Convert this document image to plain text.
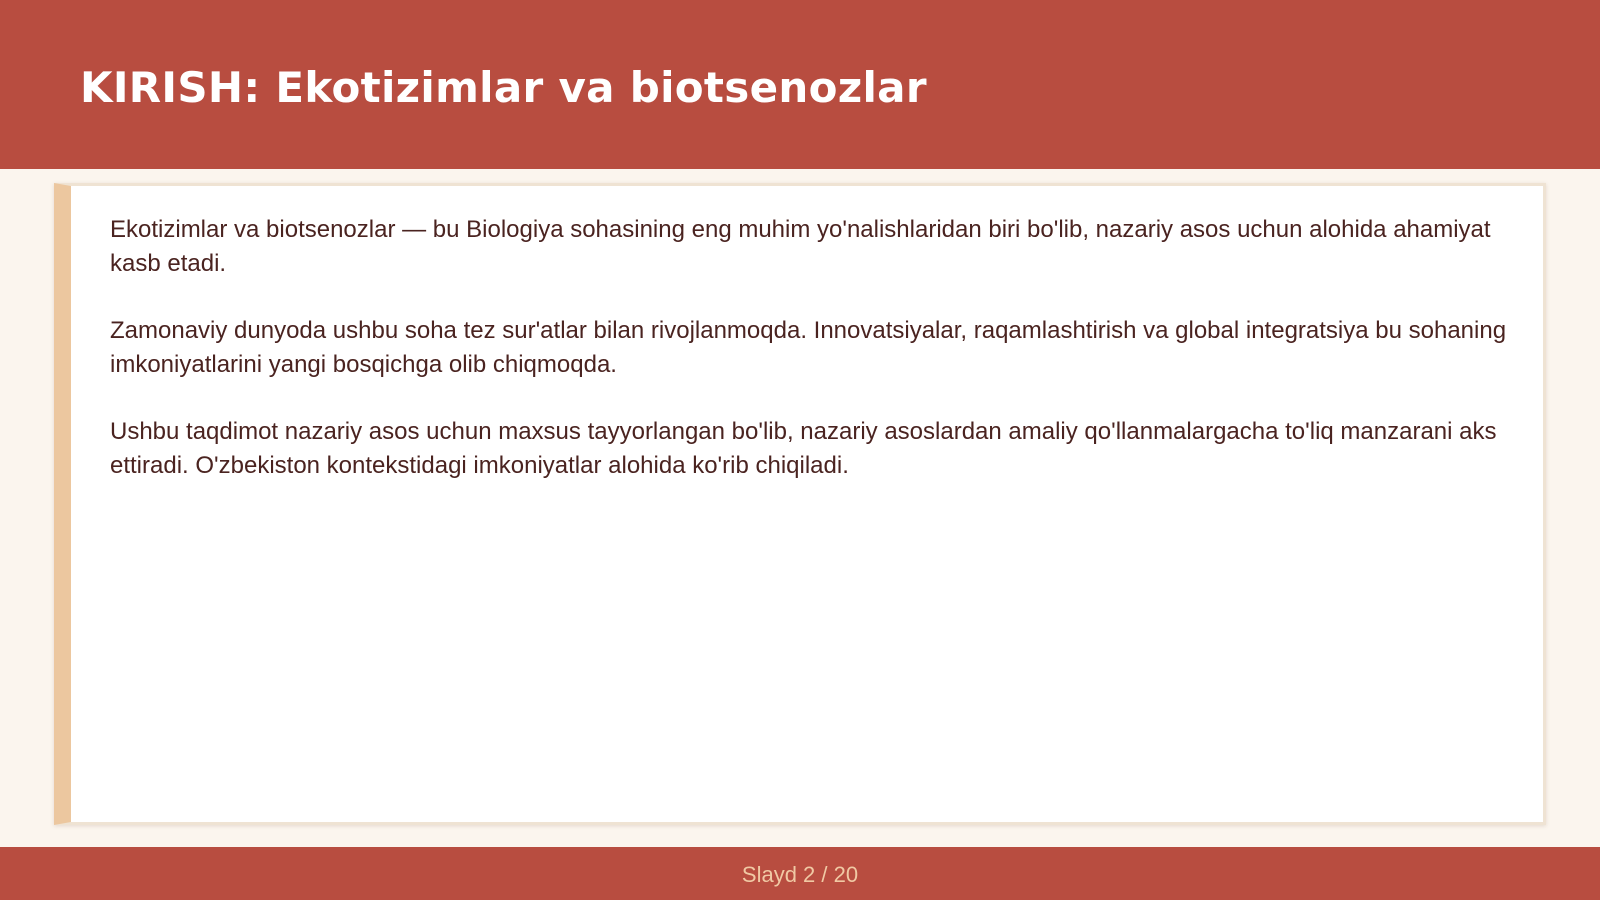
KIRISH: Ekotizimlar va biotsenozlar

Ekotizimlar va biotsenozlar — bu Biologiya sohasining eng muhim yo'nalishlaridan biri bo'lib, nazariy asos uchun alohida ahamiyat kasb etadi.

Zamonaviy dunyoda ushbu soha tez sur'atlar bilan rivojlanmoqda. Innovatsiyalar, raqamlashtirish va global integratsiya bu sohaning imkoniyatlarini yangi bosqichga olib chiqmoqda.

Ushbu taqdimot nazariy asos uchun maxsus tayyorlangan bo'lib, nazariy asoslardan amaliy qo'llanmalargacha to'liq manzarani aks ettiradi. O'zbekiston kontekstidagi imkoniyatlar alohida ko'rib chiqiladi.

Slayd 2 / 20
